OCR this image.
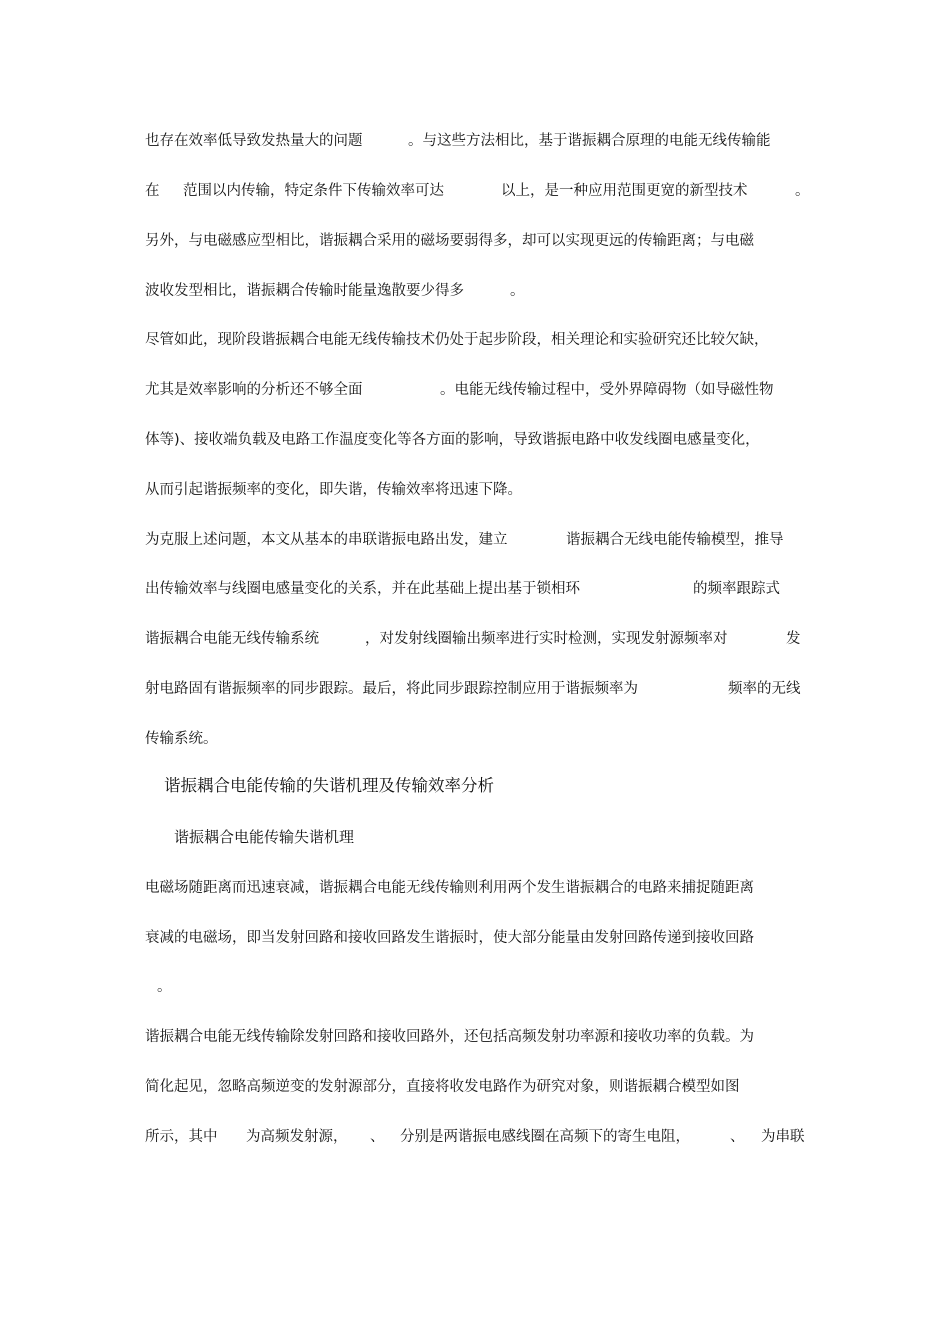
也存在效率低导致发热量大的问题

	。与这些方法相比，基于谐振耦合原理的电能无线传输能

在

范围以内传输，特定条件下传输效率可达

	以上，是一种应用范围更宽的新型技术

	。

另外，与电磁感应型相比，谐振耦合采用的磁场要弱得多，却可以实现更远的传输距离；与电磁

波收发型相比，谐振耦合传输时能量逸散要少得多

	。

尽管如此，现阶段谐振耦合电能无线传输技术仍处于起步阶段，相关理论和实验研究还比较欠缺，

尤其是效率影响的分析还不够全面

	。电能无线传输过程中，受外界障碍物（如导磁性物

体等)、接收端负载及电路工作温度变化等各方面的影响，导致谐振电路中收发线圈电感量变化，

从而引起谐振频率的变化，即失谐，传输效率将迅速下降。

为克服上述问题，本文从基本的串联谐振电路出发，建立

	谐振耦合无线电能传输模型，推导

出传输效率与线圈电感量变化的关系，并在此基础上提出基于锁相环

	的频率跟踪式

谐振耦合电能无线传输系统

	，对发射线圈输出频率进行实时检测，实现发射源频率对

	发

射电路固有谐振频率的同步跟踪。最后，将此同步跟踪控制应用于谐振频率为

	频率的无线

传输系统。

谐振耦合电能传输的失谐机理及传输效率分析

谐振耦合电能传输失谐机理

电磁场随距离而迅速衰减，谐振耦合电能无线传输则利用两个发生谐振耦合的电路来捕捉随距离

衰减的电磁场，即当发射回路和接收回路发生谐振时，使大部分能量由发射回路传递到接收回路

。

谐振耦合电能无线传输除发射回路和接收回路外，还包括高频发射功率源和接收功率的负载。为

简化起见，忽略高频逆变的发射源部分，直接将收发电路作为研究对象，则谐振耦合模型如图

所示，其中

为高频发射源，

、

分别是两谐振电感线圈在高频下的寄生电阻，

	、

为串联
